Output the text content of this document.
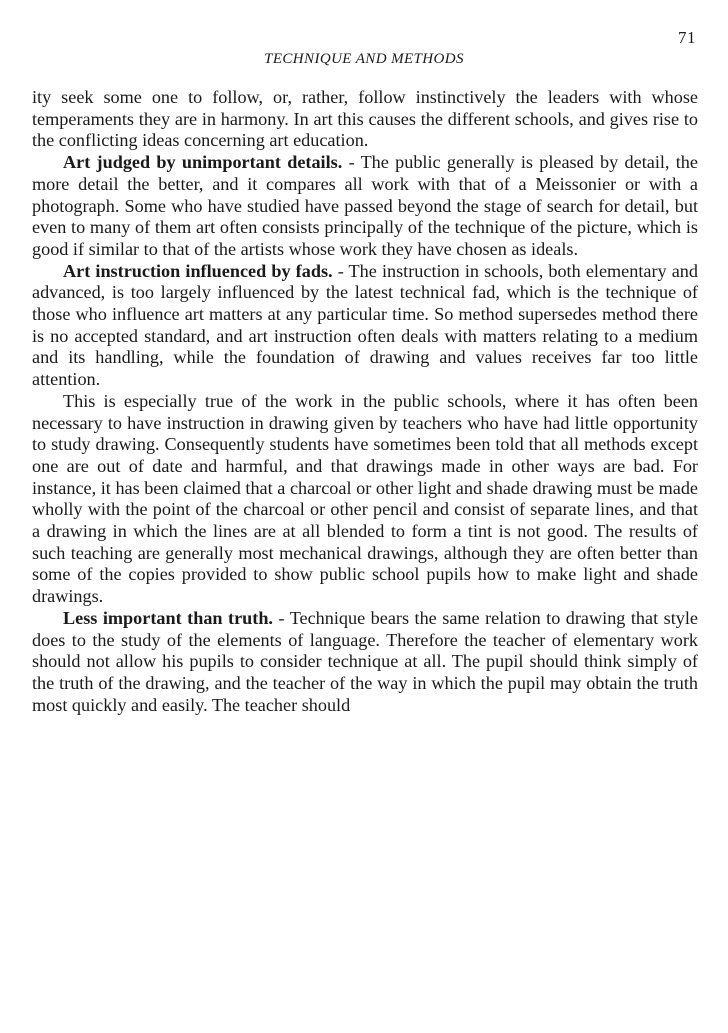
71
TECHNIQUE AND METHODS

ity seek some one to follow, or, rather, follow instinctively the leaders with whose temperaments they are in harmony. In art this causes the different schools, and gives rise to the conflicting ideas concerning art education.

Art judged by unimportant details. - The public generally is pleased by detail, the more detail the better, and it compares all work with that of a Meissonier or with a photograph. Some who have studied have passed beyond the stage of search for detail, but even to many of them art often consists principally of the technique of the picture, which is good if similar to that of the artists whose work they have chosen as ideals.

Art instruction influenced by fads. - The instruction in schools, both elementary and advanced, is too largely influenced by the latest technical fad, which is the technique of those who influence art matters at any particular time. So method supersedes method there is no accepted standard, and art instruction often deals with matters relating to a medium and its handling, while the foundation of drawing and values receives far too little attention.

This is especially true of the work in the public schools, where it has often been necessary to have instruction in drawing given by teachers who have had little opportunity to study drawing. Consequently students have sometimes been told that all methods except one are out of date and harmful, and that drawings made in other ways are bad. For instance, it has been claimed that a charcoal or other light and shade drawing must be made wholly with the point of the charcoal or other pencil and consist of separate lines, and that a drawing in which the lines are at all blended to form a tint is not good. The results of such teaching are generally most mechanical drawings, although they are often better than some of the copies provided to show public school pupils how to make light and shade drawings.

Less important than truth. - Technique bears the same relation to drawing that style does to the study of the elements of language. Therefore the teacher of elementary work should not allow his pupils to consider technique at all. The pupil should think simply of the truth of the drawing, and the teacher of the way in which the pupil may obtain the truth most quickly and easily. The teacher should
